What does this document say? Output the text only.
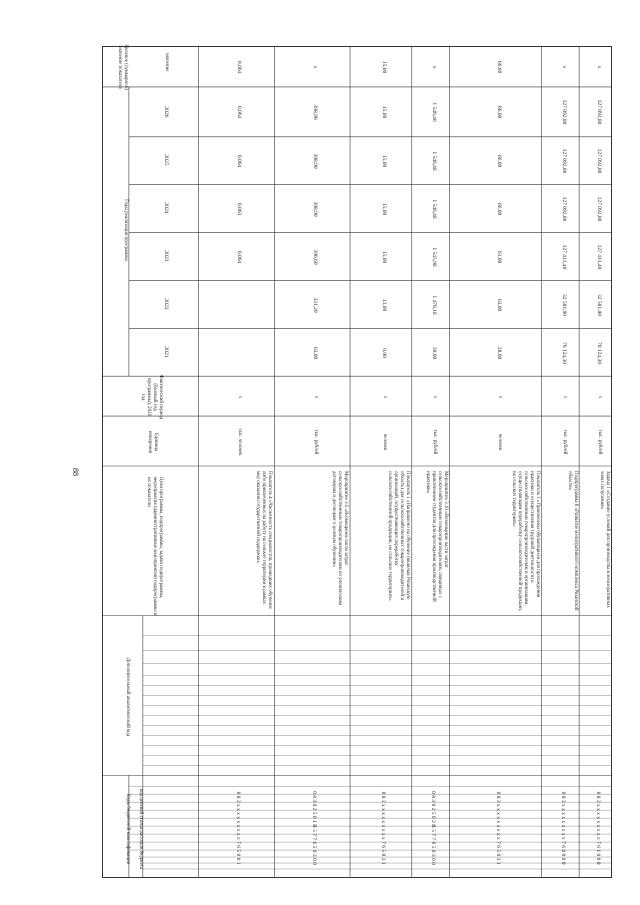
88
Коды бюджетной классификации	код целевой статьи расходов бюджета
Дополнительный аналитический код
Цели программы, подпрограммы, задачи подпрограммы, мероприятия (административные мероприятия) подпрограммы и их показатели
Единица измерения
Фактический период (базовый год программы), 2020 год
Годы реализации программы
Целевое (суммарное) значение показателя	значение
2021
2022
2023
2024
2025
2026
0 8 3 х х х х х х х х х 7 6 5 0 0 1
Показатель 4 «Численность специалистов, прошедших обучение либо привлеченных на работу на селькое территории в рамках мер оказания государственной поддержки»
тыс. человек
х
0,064
0,063
0,064
0,064
0,064
0 8 3 0 2 5 0 1 R 5 7 7 6 5 0 3 0 0
Мероприятие 3.5 «Возмещение части затрат сельскохозяйственным товаропроизводителям по ученическим договорам и договорам о целевом обучении»
тыс. рублей
х
63,00
331,20
396,60
398,90
398,90
398,90
х
0 8 3 х х х х х х х х х 7 6 5 0 3 1
Показатель 1 «Направлено на обучение (включая Рязанскую область) для сельскохозяйственных товаропроизводителей и организаций, осуществляющих переработку сельскохозяйственной продукции, на сельских территориях»
человек
х
0,00
13,00
15,00
15,00
15,00
15,00
15,00
0 8 3 0 2 5 0 2 R 5 7 7 6 5 0 3 0 0
Мероприятие 3.10 «Возмещение части затрат сельскохозяйственным товаропроизводителям, связанных с привлечением студентов для прохождения производственной практики»
тыс. рублей
х
30,00
1 478,10
1 545,90
1 546,40
1 546,40
1 546,40
х
0 8 3 х х х х х х х х х 7 6 5 0 3 1
Показатель 1 «Привлечены обучающиеся для прохождения практики и осуществления трудовой деятельности к сельскохозяйственным товаропроизводителям и организациям, осуществляющим переработку сельскохозяйственной продукции, на сельских территориях»
человек
х
28,00
63,00
61,00
66,00
66,00
66,00
66,00
0 8 3 х х х х х х х х х 7 6 0 0 0 0
Подпрограмма 6 «Развитие мелиоративного комплекса Рязанской области»
тыс. рублей
х
70 124,30
32 581,00
127 413,40
127 092,80
127 092,80
127 092,80
х
0 8 3 х х х х х х х х х 7 6 1 0 0 0
Задача 1 «Создание условий для производства в мелиоративных зонах получения»
тыс. рублей
х
70 124,30
32 581,00
127 413,40
127 092,80
127 092,80
127 092,80
х
